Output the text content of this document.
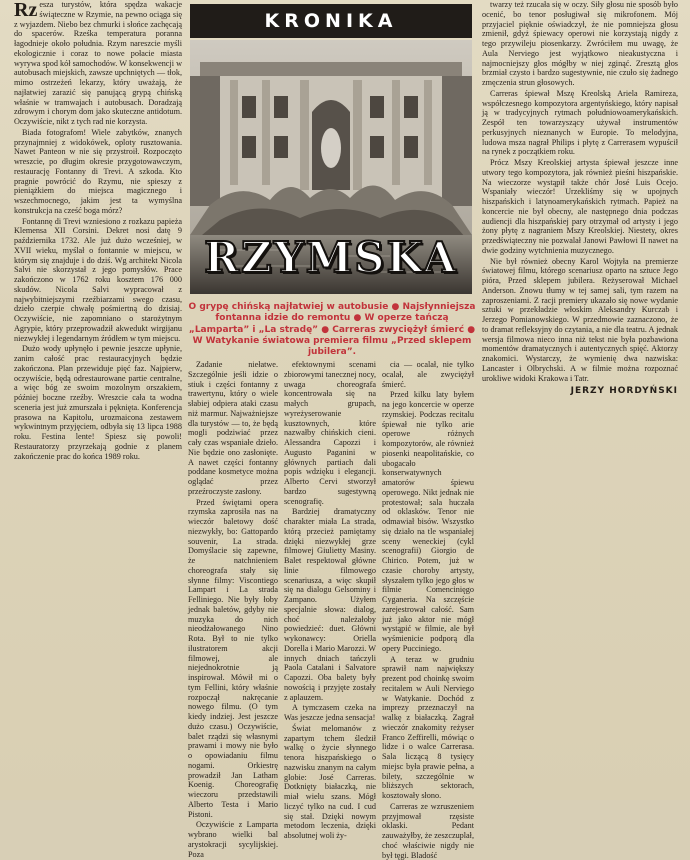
Rz esza turystów, która spędza wakacje świąteczne w Rzymie, na pewno ociąga się z wyjazdem. Niebo bez chmurki i słońce zachęcają do spacerów. Rześka temperatura poranna łagodnieje około południa. Rzym nareszcie myśli ekologicznie i coraz to nowe połacie miasta wyrywa spod kół samochodów. W konsekwencji w autobusach miejskich, zawsze upchniętych — tłok, mimo ostrzeżeń lekarzy, który uważają, że najłatwiej zarazić się panującą grypą chińską właśnie w tramwajach i autobusach. Doradzają zdrowym i chorym dom jako skuteczne antidotum. Oczywiście, nikt z tych rad nie korzysta.

Biada fotografom! Wiele zabytków, znanych przynajmniej z widokówek, oploty rusztowania. Nawet Panteon w nie się przystroił. Rozpoczęto wreszcie, po długim okresie przygotowawczym, restaurację Fontanny di Trevi. A szkoda. Kto pragnie powrócić do Rzymu, nie spieszy z pieniążkiem do miejsca magicznego i wszechmocnego, jakim jest ta wymyślna konstrukcja na cześć boga mórz?

Fontannę di Trevi wzniesiono z rozkazu papieża Klemensa XII Corsini. Dekret nosi datę 9 października 1732. Ale już dużo wcześniej, w XVII wieku, myślał o fontannie w miejscu, w którym się znajduje i do dziś. Wg architekt Nicola Salvi nie skorzystał z jego pomysłów. Prace zakończono w 1762 roku kosztem 176 000 skudów. Nicola Salvi wypracował z najwybitniejszymi rzeźbiarzami swego czasu, dzieło czerpie chwałę pośmiertną do dzisiaj. Oczywiście, nie zapomniano o starożytnym Agrypie, który przeprowadził akwedukt wirgijanu niezwykłej i legendarnym źródłem w tym miejscu.

Dużo wody upłynęło i pewnie jeszcze upłynie, zanim całość prac restauracyjnych będzie zakończona. Plan przewiduje pięć faz. Najpierw, oczywiście, będą odrestaurowane partie centralne, a więc bóg ze swoim mozolnym orszakiem, później boczne rzeźby. Wreszcie cała ta wodna sceneria jest już zmurszała i pęknięta. Konferencja prasowa na Kapitolu, urozmaicona zestawem wykwintnym przyjęciem, odbyła się 13 lipca 1988 roku. Festina lente! Spiesz się powoli! Restauratorzy przyrzekają godnie z planem zakończenie prac do końca 1989 roku.

KRONIKA
RZYMSKA
O grypę chińską najłatwiej w autobusie ● Najsłynniejsza fontanna idzie do remontu ● W operze tańczą „Lamparta” i „La stradę” ● Carreras zwyciężył śmierć ● W Watykanie światowa premiera filmu „Przed sklepem jubilera”.

Zadanie niełatwe. Szczególnie jeśli idzie o stiuk i części fontanny z trawertynu, który o wiele słabiej odpiera ataki czasu niż marmur. Najważniejsze dla turystów — to, że będą mogli podziwiać przez cały czas wspaniałe dzieło. Nie będzie ono zasłonięte. A nawet części fontanny poddane kosmetyce można oglądać przez przeźroczyste zasłony.

Przed świętami opera rzymska zaprosiła nas na wieczór baletowy dość niezwykły, bo: Gattopardo souvenir, La strada. Domyślacie się zapewne, że natchnieniem choreografa stały się słynne filmy: Viscontiego Lampart i La strada Felliniego. Nie były łoby jednak baletów, gdyby nie muzyka do nich nieodżałowanego Nino Rota. Był to nie tylko ilustratorem akcji filmowej, ale niejednokrotnie ją inspirował. Mówił mi o tym Fellini, który właśnie rozpoczął nakręcanie nowego filmu. (O tym kiedy indziej. Jest jeszcze dużo czasu.) Oczywiście, balet rządzi się własnymi prawami i mowy nie było o opowiadaniu filmu nogami. Orkiestrę prowadził Jan Latham Koenig. Choreografię wieczoru przedstawili Alberto Testa i Mario Pistoni.

Oczywiście z Lamparta wybrano wielki bal arystokracji sycylijskiej. Poza

efektownymi scenami zbiorowymi tanecznej nocy, uwaga choreografa koncentrowała się na małych grupach, wyreżyserowanie kusztownych, które nazwałby chińskich cieni. Alessandra Capozzi i Augusto Paganini w głównych partiach dali popis wdzięku i elegancji. Alberto Cervi stworzył bardzo sugestywną scenografię.

Bardziej dramatyczny charakter miała La strada, którą przecież pamiętamy dzięki niezwykłej grze filmowej Giulietty Masiny. Balet respektował główne linie filmowego scenariusza, a więc skupił się na dialogu Gelsominy i Zampano. Użyłem specjalnie słowa: dialog, choć należałoby powiedzieć: duet. Główni wykonawcy: Oriella Dorella i Mario Marozzi. W innych dniach tańczyli Paola Catalani i Salvatore Capozzi. Oba balety były nowością i przyjęte zostały z aplauzem.

A tymczasem czeka na Was jeszcze jedna sensacja!

Świat melomanów z zapartym tchem śledził walkę o życie słynnego tenora hiszpańskiego o nazwisku znanym na całym globie: José Carreras. Dotknięty białaczką, nie miał wielu szans. Mógł liczyć tylko na cud. I cud się stał. Dzięki nowym metodom leczenia, dzięki absolutnej woli ży-

cia — ocalał, nie tylko ocalał, ale zwyciężył śmierć.

Przed kilku laty byłem na jego koncercie w operze rzymskiej. Podczas recitalu śpiewał nie tylko arie operowe różnych kompozytorów, ale również piosenki neapolitańskie, co ubogacało konserwatywnych amatorów śpiewu operowego. Nikt jednak nie protestował; sala huczała od oklasków. Tenor nie odmawiał bisów. Wszystko się działo na tle wspaniałej sceny weneckiej (cykl scenografii) Giorgio de Chirico. Potem, już w czasie choroby artysty, słyszałem tylko jego głos w filmie Comencinięgo Cyganeria. Na szczęście zarejestrował całość. Sam już jako aktor nie mógł wystąpić w filmie, ale był wyśmienicie podporą dla opery Pucciniego.

A teraz w grudniu sprawił nam największy prezent pod choinkę swoim recitalem w Auli Nerviego w Watykanie. Dochód z imprezy przeznaczył na walkę z białaczką. Zagrał wieczór znakomity reżyser Franco Zeffirelli, mówiąc o lidze i o walce Carrerasa. Sala liczącą 8 tysięcy miejsc była prawie pełna, a bilety, szczególnie w bliższych sektorach, kosztowały słono.

Carreras ze wzruszeniem przyjmował rzęsiste oklaski. Pedant zauważyłby, że zeszczuplał, choć właściwie nigdy nie był tęgi. Bladość

twarzy też rzucała się w oczy. Siły głosu nie sposób było ocenić, bo tenor posługiwał się mikrofonem. Mój przyjaciel pięknie oświadczył, że nie pomniejsza głosu zmienił, gdyż śpiewacy operowi nie korzystają nigdy z tego przywileju piosenkarzy. Zwróciłem mu uwagę, że Aula Nerviego jest wyjątkowo nieakustyczna i najmocniejszy głos mógłby w niej zginąć. Zresztą głos brzmiał czysto i bardzo sugestywnie, nie czuło się żadnego zmęczenia strun głosowych.

Carreras śpiewał Mszę Kreolską Ariela Ramireza, współczesnego kompozytora argentyńskiego, który napisał ją w tradycyjnych rytmach południowoamerykańskich. Zespół ten towarzyszący używał instrumentów perkusyjnych nieznanych w Europie. To melodyjna, ludowa msza nagrał Philips i płytę z Carrerasem wypuścił na rynek z początkiem roku.

Prócz Mszy Kreolskiej artysta śpiewał jeszcze inne utwory tego kompozytora, jak również pieśni hiszpańskie. Na wieczorze wystąpił także chór José Luis Ocejo. Wspaniały wieczór! Urzekliśmy się w upojnych hiszpańskich i latynoamerykańskich rytmach. Papież na koncercie nie był obecny, ale następnego dnia podczas audiencji dla hiszpańskiej pary otrzymał od artysty i jego żony płytę z nagraniem Mszy Kreolskiej. Niestety, okres przedświąteczny nie pozwalał Janowi Pawłowi II nawet na dwie godziny wytchnienia muzycznego.

Nie był również obecny Karol Wojtyła na premierze światowej filmu, którego scenariusz oparto na sztuce Jego pióra, Przed sklepem jubilera. Reżyserował Michael Anderson. Znowu tłumy w tej samej sali, tym razem na zaproszeniami. Z racji premiery ukazało się nowe wydanie sztuki w przekładzie włoskim Aleksandry Kurczab i Jerzego Pomianowskiego. W przedmowie zaznaczono, że to dramat refleksyjny do czytania, a nie dla teatru. A jednak wersja filmowa nieco inna niż tekst nie była pozbawiona momentów dramatycznych i autentycznych spięć. Aktorzy znakomici. Wystarczy, że wymienię dwa nazwiska: Lancaster i Olbrychski. A w filmie można rozpoznać urokliwe widoki Krakowa i Tatr.

JERZY HORDYŃSKI
